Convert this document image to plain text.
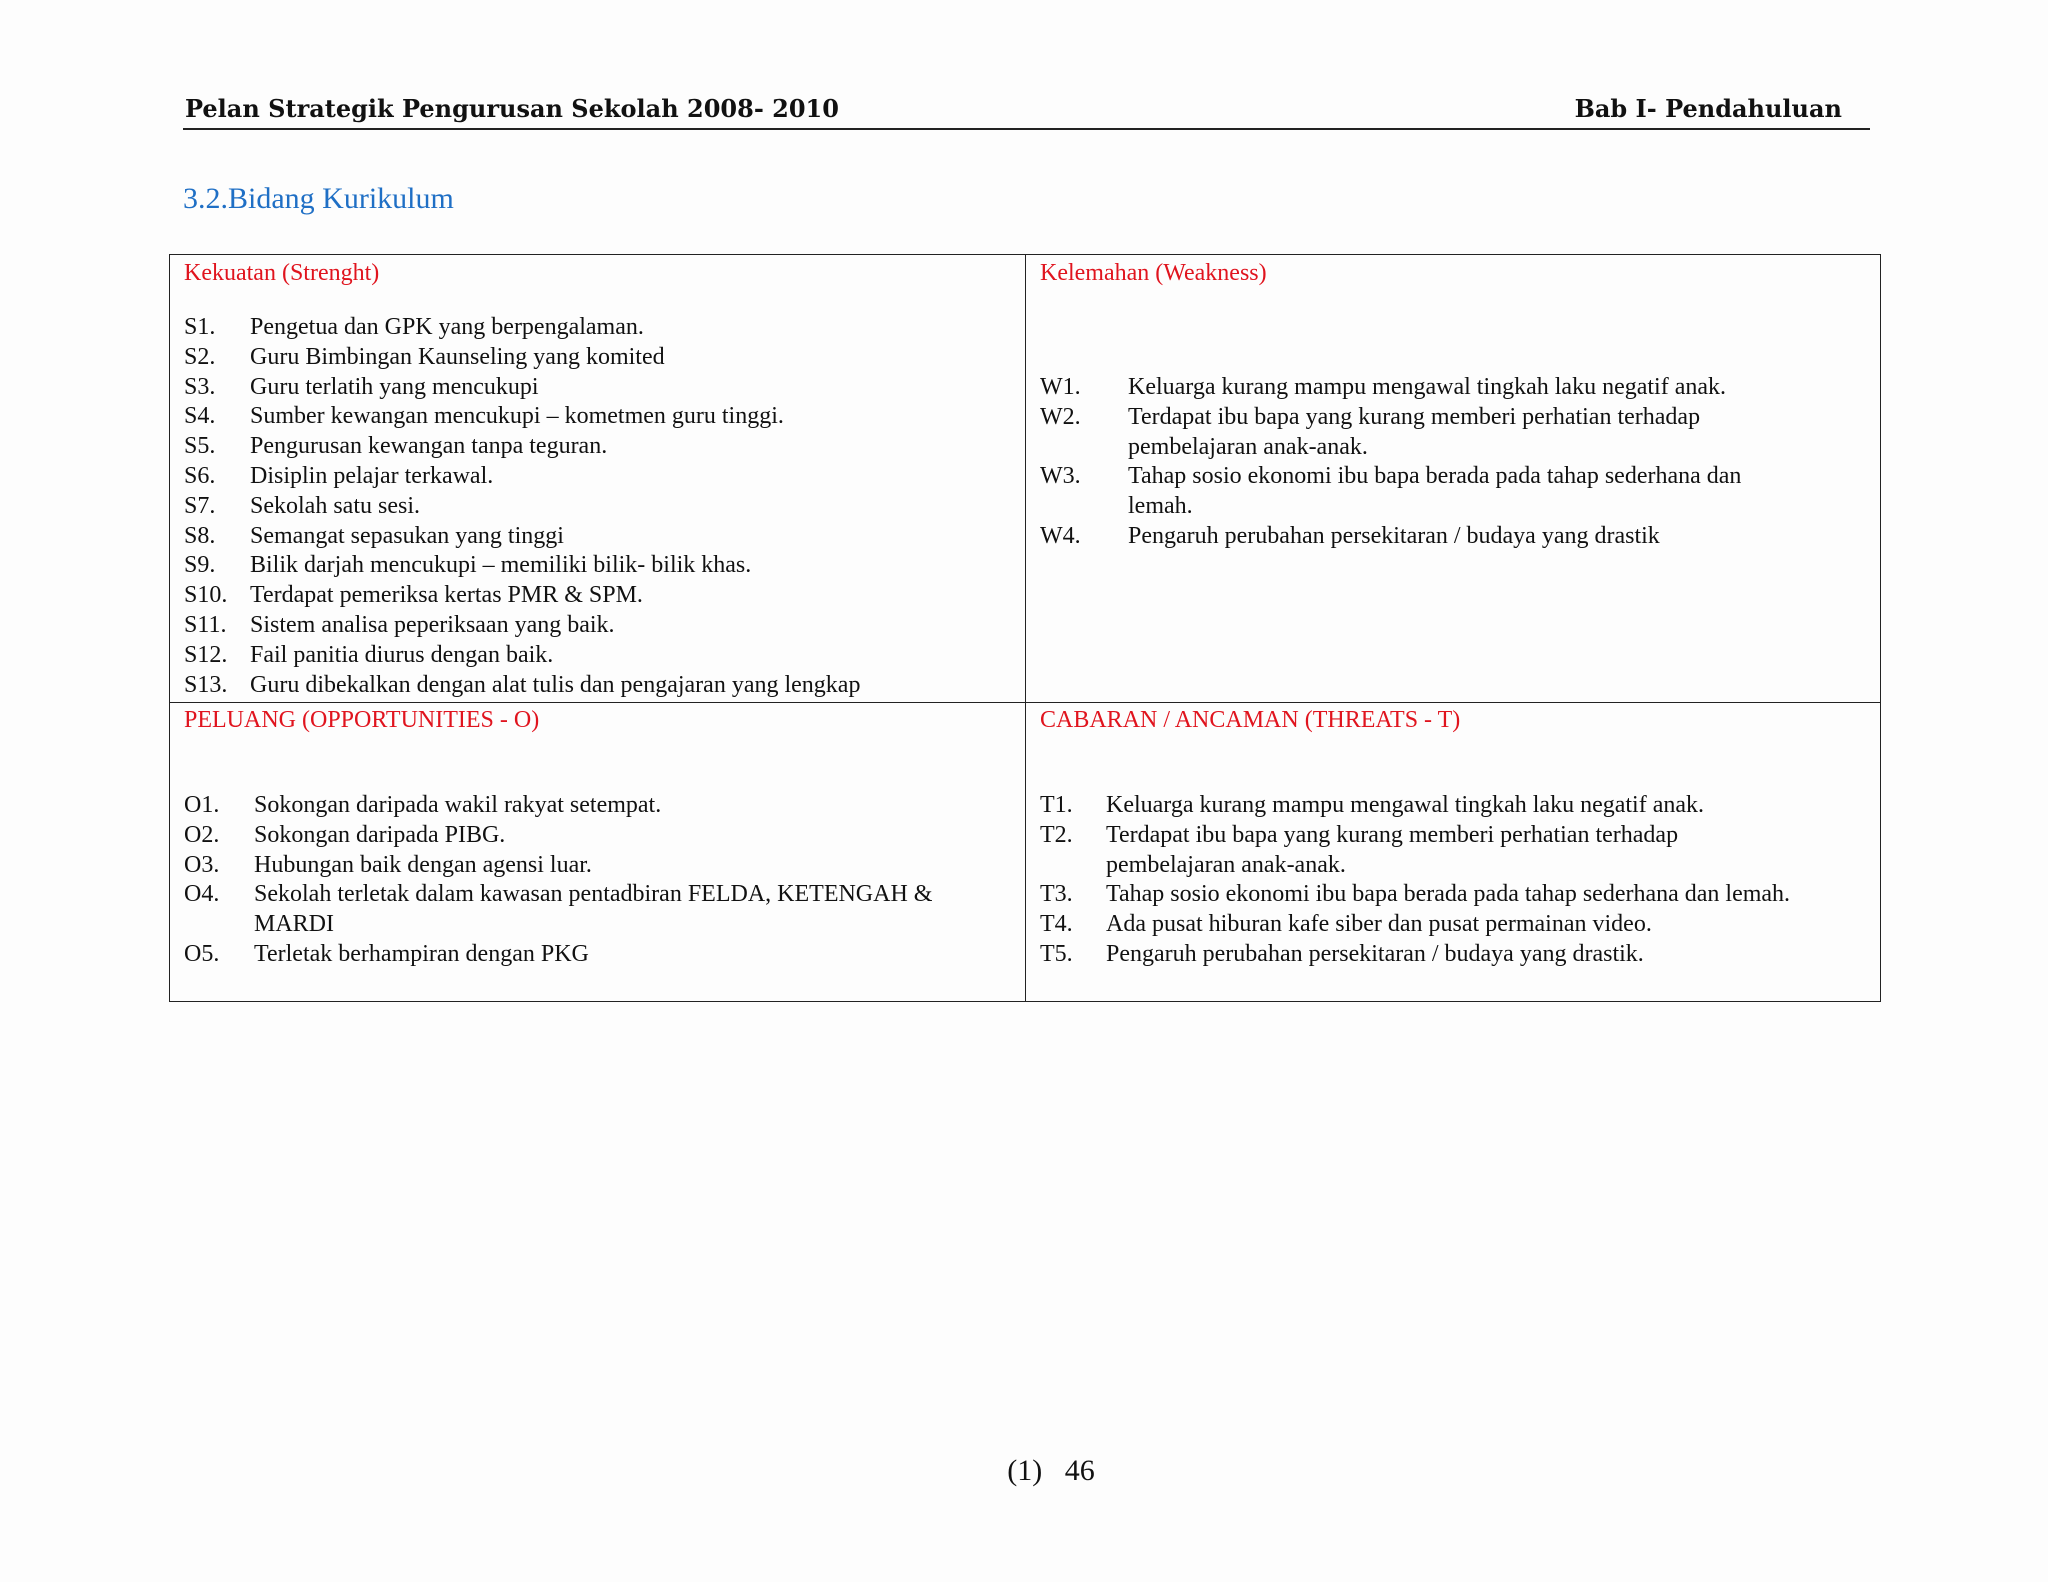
Pelan Strategik Pengurusan Sekolah 2008- 2010	Bab I- Pendahuluan
3.2.Bidang Kurikulum
Kekuatan (Strenght)
S1.	Pengetua dan GPK yang berpengalaman.
S2.	Guru Bimbingan Kaunseling yang komited
S3.	Guru terlatih yang mencukupi
S4.	Sumber kewangan mencukupi – kometmen guru tinggi.
S5.	Pengurusan kewangan tanpa teguran.
S6.	Disiplin pelajar terkawal.
S7.	Sekolah satu sesi.
S8.	Semangat sepasukan yang tinggi
S9.	Bilik darjah mencukupi – memiliki bilik- bilik khas.
S10. Terdapat pemeriksa kertas PMR & SPM.
S11. Sistem analisa peperiksaan yang baik.
S12. Fail panitia diurus dengan baik.
S13. Guru dibekalkan dengan alat tulis dan pengajaran yang lengkap
Kelemahan (Weakness)
W1.	Keluarga kurang mampu mengawal tingkah laku negatif anak.
W2.	Terdapat ibu bapa yang kurang memberi perhatian terhadap
pembelajaran anak-anak.
W3.	Tahap sosio ekonomi ibu bapa berada pada tahap sederhana dan
lemah.
W4.	Pengaruh perubahan persekitaran / budaya yang drastik
PELUANG (OPPORTUNITIES - O)
O1.	Sokongan daripada wakil rakyat setempat.
O2.	Sokongan daripada PIBG.
O3.	Hubungan baik dengan agensi luar.
O4.	Sekolah terletak dalam kawasan pentadbiran FELDA, KETENGAH &
MARDI
O5.	Terletak berhampiran dengan PKG
CABARAN / ANCAMAN (THREATS - T)
T1.	Keluarga kurang mampu mengawal tingkah laku negatif anak.
T2.	Terdapat ibu bapa yang kurang memberi perhatian terhadap
pembelajaran anak-anak.
T3.	Tahap sosio ekonomi ibu bapa berada pada tahap sederhana dan lemah.
T4.	Ada pusat hiburan kafe siber dan pusat permainan video.
T5.	Pengaruh perubahan persekitaran / budaya yang drastik.
(1)   46
